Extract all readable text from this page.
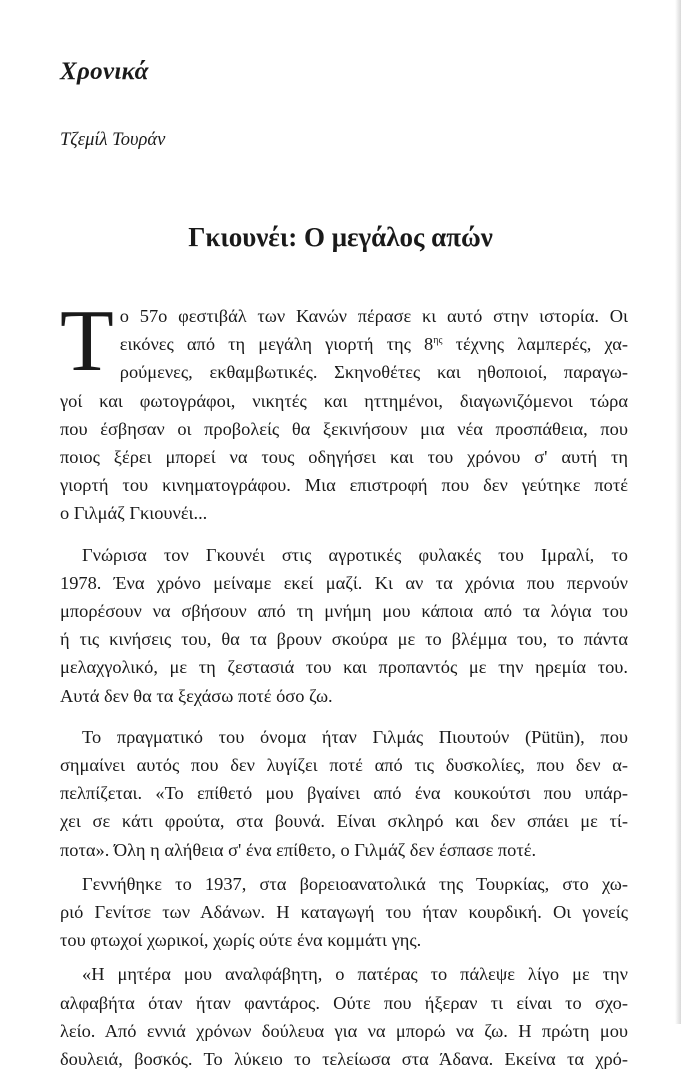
Χρονικά
Τζεμίλ Τουράν
Γκιουνέι: Ο μεγάλος απών
Τ ο 57ο φεστιβάλ των Κανών πέρασε κι αυτό στην ιστορία. Οι
εικόνες από τη μεγάλη γιορτή της $8^{\eta\varsigma}$ τέχνης λαμπερές, χα-
ρούμενες, εκθαμβωτικές. Σκηνοθέτες και ηθοποιοί, παραγω-
γοί και φωτογράφοι, νικητές και ηττημένοι, διαγωνιζόμενοι τώρα
που έσβησαν οι προβολείς θα ξεκινήσουν μια νέα προσπάθεια, που
ποιος ξέρει μπορεί να τους οδηγήσει και του χρόνου σ' αυτή τη
γιορτή του κινηματογράφου. Μια επιστροφή που δεν γεύτηκε ποτέ
ο Γιλμάζ Γκιουνέι...
Γνώρισα τον Γκουνέι στις αγροτικές φυλακές του Ιμραλί, το
1978. Ένα χρόνο μείναμε εκεί μαζί. Κι αν τα χρόνια που περνούν
μπορέσουν να σβήσουν από τη μνήμη μου κάποια από τα λόγια του
ή τις κινήσεις του, θα τα βρουν σκούρα με το βλέμμα του, το πάντα
μελαχγολικό, με τη ζεστασιά του και προπαντός με την ηρεμία του.
Αυτά δεν θα τα ξεχάσω ποτέ όσο ζω.
Το πραγματικό του όνομα ήταν Γιλμάς Πιουτούν (Pütün), που
σημαίνει αυτός που δεν λυγίζει ποτέ από τις δυσκολίες, που δεν α-
πελπίζεται. «Το επίθετό μου βγαίνει από ένα κουκούτσι που υπάρ-
χει σε κάτι φρούτα, στα βουνά. Είναι σκληρό και δεν σπάει με τί-
ποτα». Όλη η αλήθεια σ' ένα επίθετο, ο Γιλμάζ δεν έσπασε ποτέ.
Γεννήθηκε το 1937, στα βορειοανατολικά της Τουρκίας, στο χω-
ριό Γενίτσε των Αδάνων. Η καταγωγή του ήταν κουρδική. Οι γονείς
του φτωχοί χωρικοί, χωρίς ούτε ένα κομμάτι γης.
«Η μητέρα μου αναλφάβητη, ο πατέρας το πάλεψε λίγο με την
αλφαβήτα όταν ήταν φαντάρος. Ούτε που ήξεραν τι είναι το σχο-
λείο. Από εννιά χρόνων δούλευα για να μπορώ να ζω. Η πρώτη μου
δουλειά, βοσκός. Το λύκειο το τελείωσα στα Άδανα. Εκείνα τα χρό-
